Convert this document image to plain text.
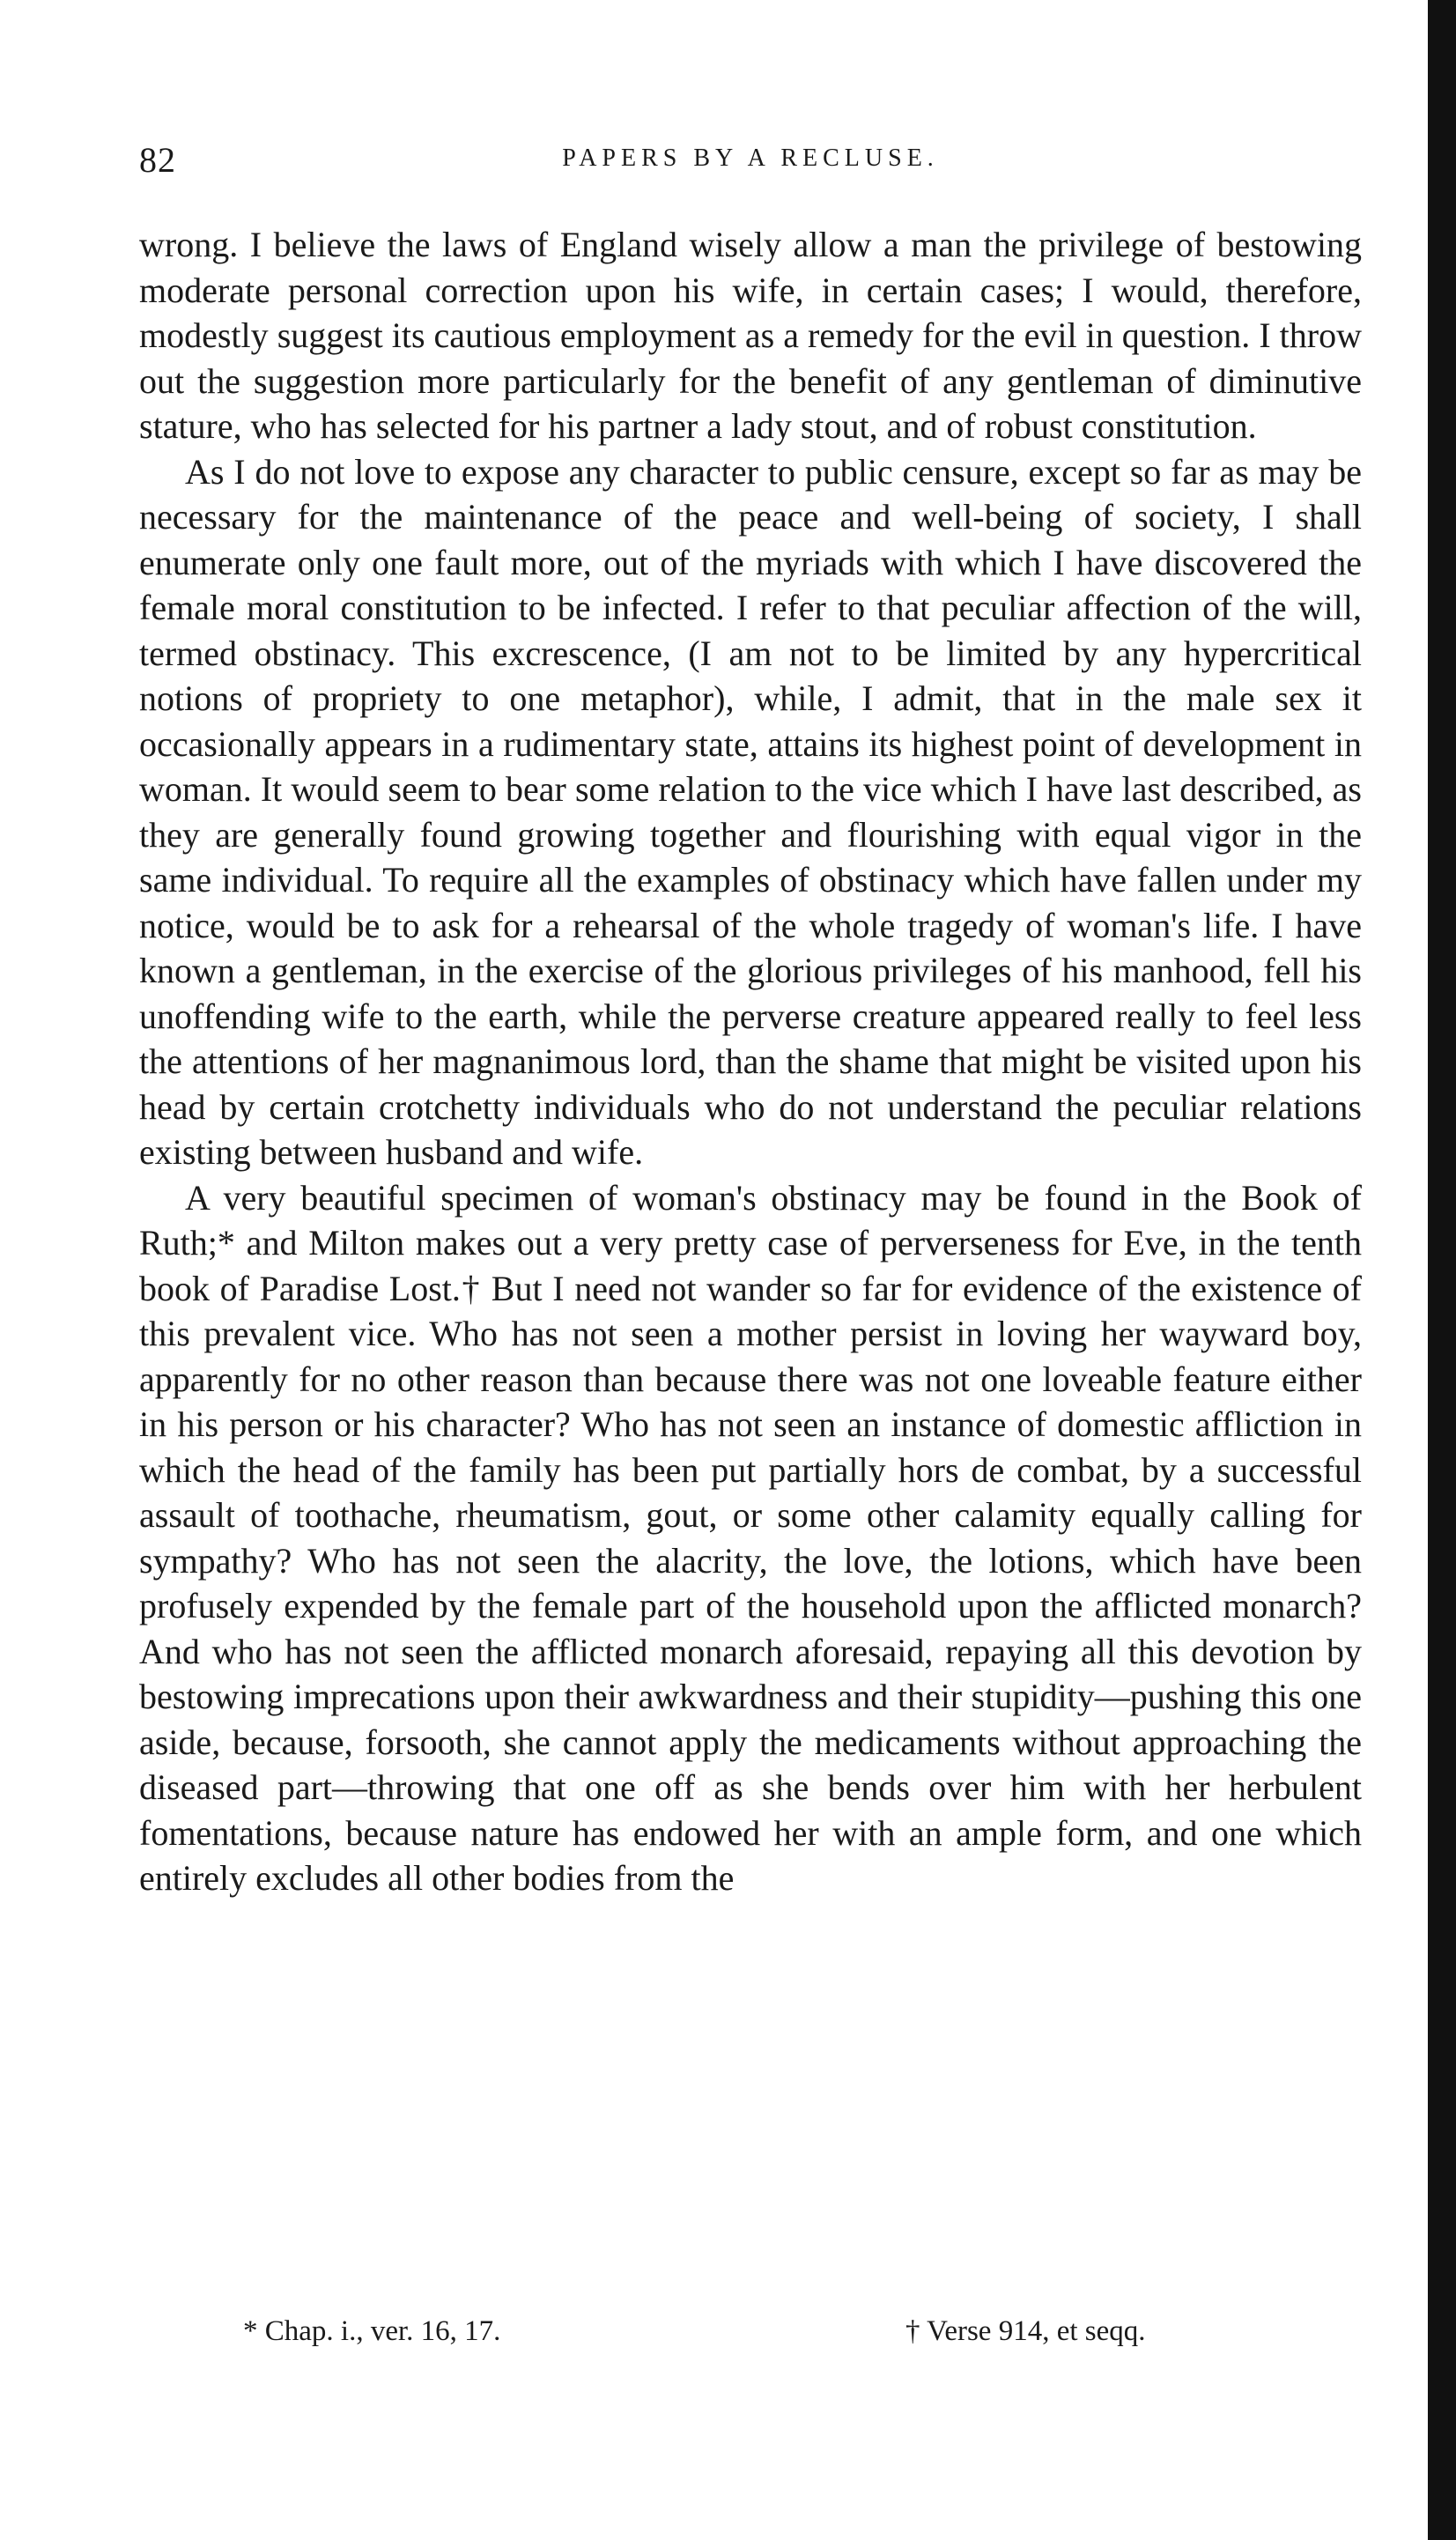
82	PAPERS BY A RECLUSE.

wrong. I believe the laws of England wisely allow a man the privilege of bestowing moderate personal correction upon his wife, in certain cases; I would, therefore, modestly suggest its cautious employment as a remedy for the evil in question. I throw out the suggestion more particularly for the benefit of any gentleman of diminutive stature, who has selected for his partner a lady stout, and of robust constitution.

As I do not love to expose any character to public censure, except so far as may be necessary for the maintenance of the peace and well-being of society, I shall enumerate only one fault more, out of the myriads with which I have discovered the female moral constitution to be infected. I refer to that peculiar affection of the will, termed obstinacy. This excrescence, (I am not to be limited by any hypercritical notions of propriety to one metaphor), while, I admit, that in the male sex it occasionally appears in a rudimentary state, attains its highest point of development in woman. It would seem to bear some relation to the vice which I have last described, as they are generally found growing together and flourishing with equal vigor in the same individual. To require all the examples of obstinacy which have fallen under my notice, would be to ask for a rehearsal of the whole tragedy of woman's life. I have known a gentleman, in the exercise of the glorious privileges of his manhood, fell his unoffending wife to the earth, while the perverse creature appeared really to feel less the attentions of her magnanimous lord, than the shame that might be visited upon his head by certain crotchetty individuals who do not understand the peculiar relations existing between husband and wife.

A very beautiful specimen of woman's obstinacy may be found in the Book of Ruth;* and Milton makes out a very pretty case of perverseness for Eve, in the tenth book of Paradise Lost.† But I need not wander so far for evidence of the existence of this prevalent vice. Who has not seen a mother persist in loving her wayward boy, apparently for no other reason than because there was not one loveable feature either in his person or his character? Who has not seen an instance of domestic affliction in which the head of the family has been put partially hors de combat, by a successful assault of toothache, rheumatism, gout, or some other calamity equally calling for sympathy? Who has not seen the alacrity, the love, the lotions, which have been profusely expended by the female part of the household upon the afflicted monarch? And who has not seen the afflicted monarch aforesaid, repaying all this devotion by bestowing imprecations upon their awkwardness and their stupidity—pushing this one aside, because, forsooth, she cannot apply the medicaments without approaching the diseased part—throwing that one off as she bends over him with her herbulent fomentations, because nature has endowed her with an ample form, and one which entirely excludes all other bodies from the

* Chap. i., ver. 16, 17.	† Verse 914, et seqq.
